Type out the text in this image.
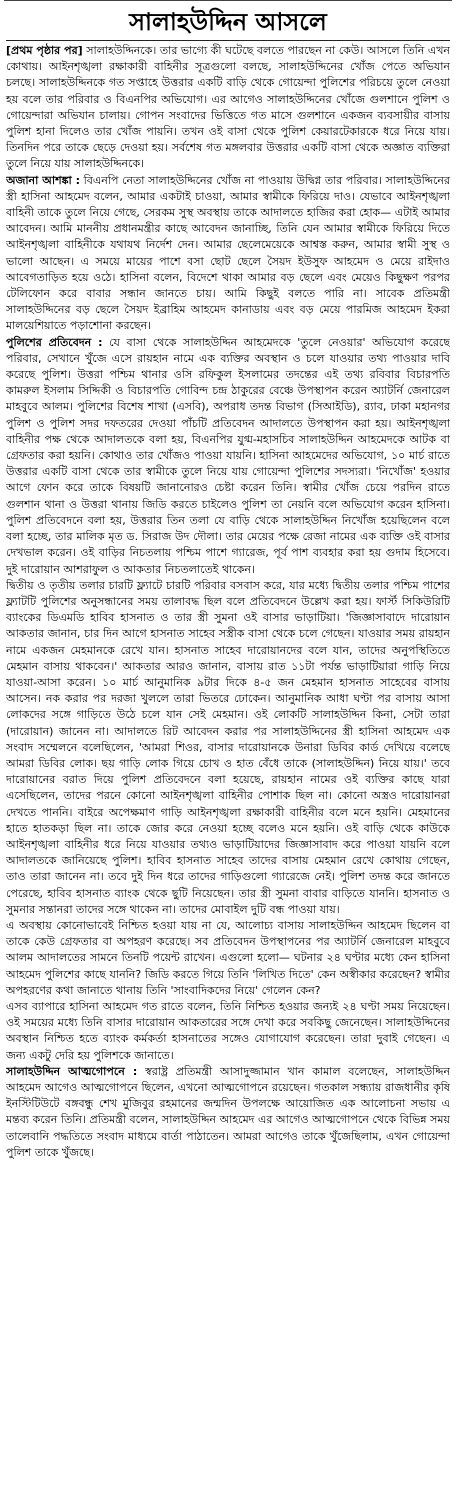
সালাহউদ্দিন আসলে

[প্রথম পৃষ্ঠার পর] সালাহউদ্দিনকে। তার ভাগ্যে কী ঘটেছে বলতে পারছেন না কেউ। আসলে তিনি এখন কোথায়। আইনশৃঙ্খলা রক্ষাকারী বাহিনীর সূত্রগুলো বলছে, সালাহউদ্দিনের খোঁজ পেতে অভিযান চলছে। সালাহউদ্দিনকে গত সপ্তাহে উত্তরার একটি বাড়ি থেকে গোয়েন্দা পুলিশের পরিচয়ে তুলে নেওয়া হয় বলে তার পরিবার ও বিএনপির অভিযোগ। এর আগেও সালাহউদ্দিনের খোঁজে গুলশানে পুলিশ ও গোয়েন্দারা অভিযান চালায়। গোপন সংবাদের ভিত্তিতে গত মাসে গুলশানে একজন ব্যবসায়ীর বাসায় পুলিশ হানা দিলেও তার খোঁজ পায়নি। তখন ওই বাসা থেকে পুলিশ কেয়ারটেকারকে ধরে নিয়ে যায়। তিনদিন পরে তাকে ছেড়ে দেওয়া হয়। সর্বশেষ গত মঙ্গলবার উত্তরার একটি বাসা থেকে অজ্ঞাত ব্যক্তিরা তুলে নিয়ে যায় সালাহউদ্দিনকে।

অজানা আশঙ্কা : বিএনপি নেতা সালাহউদ্দিনের খোঁজ না পাওয়ায় উদ্বিগ্ন তার পরিবার। সালাহউদ্দিনের স্ত্রী হাসিনা আহমেদ বলেন, আমার একটাই চাওয়া, আমার স্বামীকে ফিরিয়ে দাও। যেভাবে আইনশৃঙ্খলা বাহিনী তাকে তুলে নিয়ে গেছে, সেরকম সুস্থ অবস্থায় তাকে আদালতে হাজির করা হোক— এটাই আমার আবেদন। আমি মাননীয় প্রধানমন্ত্রীর কাছে আবেদন জানাচ্ছি, তিনি যেন আমার স্বামীকে ফিরিয়ে দিতে আইনশৃঙ্খলা বাহিনীকে যথাযথ নির্দেশ দেন। আমার ছেলেমেয়েকে আশ্বস্ত করুন, আমার স্বামী সুস্থ ও ভালো আছেন। এ সময়ে মায়ের পাশে বসা ছোট ছেলে সৈয়দ ইউসুফ আহমেদ ও মেয়ে রাইদাও আবেগতাড়িত হয়ে ওঠে। হাসিনা বলেন, বিদেশে থাকা আমার বড় ছেলে এবং মেয়েও কিছুক্ষণ পরপর টেলিফোন করে বাবার সন্ধান জানতে চায়। আমি কিছুই বলতে পারি না। সাবেক প্রতিমন্ত্রী সালাহউদ্দিনের বড় ছেলে সৈয়দ ইব্রাহিম আহমেদ কানাডায় এবং বড় মেয়ে পারমিজ আহমেদ ইকরা মালয়েশিয়াতে পড়াশোনা করছেন।

পুলিশের প্রতিবেদন : যে বাসা থেকে সালাহউদ্দিন আহমেদকে 'তুলে নেওয়ার' অভিযোগ করেছে পরিবার, সেখানে খুঁজে এসে রায়হান নামে এক ব্যক্তির অবস্থান ও চলে যাওয়ার তথ্য পাওয়ার দাবি করেছে পুলিশ। উত্তরা পশ্চিম থানার ওসি রফিকুল ইসলামের তদন্তের এই তথ্য রবিবার বিচারপতি কামরুল ইসলাম সিদ্দিকী ও বিচারপতি গোবিন্দ চন্দ্র ঠাকুরের বেঞ্চে উপস্থাপন করেন অ্যাটর্নি জেনারেল মাহবুবে আলম। পুলিশের বিশেষ শাখা (এসবি), অপরাধ তদন্ত বিভাগ (সিআইডি), র‌্যাব, ঢাকা মহানগর পুলিশ ও পুলিশ সদর দফতরের দেওয়া পাঁচটি প্রতিবেদন আদালতে উপস্থাপন করা হয়। আইনশৃঙ্খলা বাহিনীর পক্ষ থেকে আদালতকে বলা হয়, বিএনপির যুগ্ম-মহাসচিব সালাহউদ্দিন আহমেদকে আটক বা গ্রেফতার করা হয়নি। কোথাও তার খোঁজও পাওয়া যায়নি। হাসিনা আহমেদের অভিযোগ, ১০ মার্চ রাতে উত্তরার একটি বাসা থেকে তার স্বামীকে তুলে নিয়ে যায় গোয়েন্দা পুলিশের সদস্যরা। 'নিখোঁজ' হওয়ার আগে ফোন করে তাকে বিষয়টি জানানোরও চেষ্টা করেন তিনি। স্বামীর খোঁজ চেয়ে পরদিন রাতে গুলশান থানা ও উত্তরা থানায় জিডি করতে চাইলেও পুলিশ তা নেয়নি বলে অভিযোগ করেন হাসিনা। পুলিশ প্রতিবেদনে বলা হয়, উত্তরার তিন তলা যে বাড়ি থেকে সালাহউদ্দিন নিখোঁজ হয়েছিলেন বলে বলা হচ্ছে, তার মালিক মৃত ড. সিরাজ উদ দৌলা। তার মেয়ের পক্ষে রেজা নামের এক ব্যক্তি ওই বাসার দেখভাল করেন। ওই বাড়ির নিচতলায় পশ্চিম পাশে গ্যারেজ, পূর্ব পাশ ব্যবহার করা হয় গুদাম হিসেবে। দুই দারোয়ান আশরাফুল ও আকতার নিচতলাতেই থাকেন।

দ্বিতীয় ও তৃতীয় তলার চারটি ফ্ল্যাটে চারটি পরিবার বসবাস করে, যার মধ্যে দ্বিতীয় তলার পশ্চিম পাশের ফ্ল্যাটটি পুলিশের অনুসন্ধানের সময় তালাবদ্ধ ছিল বলে প্রতিবেদনে উল্লেখ করা হয়। ফার্স্ট সিকিউরিটি ব্যাংকের ডিএমডি হাবিব হাসনাত ও তার স্ত্রী সুমনা ওই বাসার ভাড়াটিয়া। 'জিজ্ঞাসাবাদে দারোয়ান আকতার জানান, চার দিন আগে হাসনাত সাহেব সস্ত্রীক বাসা থেকে চলে গেছেন। যাওয়ার সময় রায়হান নামে একজন মেহমানকে রেখে যান। হাসনাত সাহেব দারোয়ানদের বলে যান, তাদের অনুপস্থিতিতে মেহমান বাসায় থাকবেন।' আকতার আরও জানান, বাসায় রাত ১১টা পর্যন্ত ভাড়াটিয়ারা গাড়ি নিয়ে যাওয়া-আসা করেন। ১০ মার্চ আনুমানিক ৯টার দিকে ৪-৫ জন মেহমান হাসনাত সাহেবের বাসায় আসেন। নক করার পর দরজা খুললে তারা ভিতরে ঢোকেন। আনুমানিক আধা ঘণ্টা পর বাসায় আসা লোকদের সঙ্গে গাড়িতে উঠে চলে যান সেই মেহমান। ওই লোকটি সালাহউদ্দিন কিনা, সেটা তারা (দারোয়ান) জানেন না। আদালতে রিট আবেদন করার পর সালাহউদ্দিনের স্ত্রী হাসিনা আহমেদ এক সংবাদ সম্মেলনে বলেছিলেন, 'আমরা শিওর, বাসার দারোয়ানকে উনারা ডিবির কার্ড দেখিয়ে বলেছে আমরা ডিবির লোক। ছয় গাড়ি লোক গিয়ে চোখ ও হাত বেঁধে তাকে (সালাহউদ্দিন) নিয়ে যায়।' তবে দারোয়ানের বরাত দিয়ে পুলিশ প্রতিবেদনে বলা হয়েছে, রায়হান নামের ওই ব্যক্তির কাছে যারা এসেছিলেন, তাদের পরনে কোনো আইনশৃঙ্খলা বাহিনীর পোশাক ছিল না। কোনো অস্ত্রও দারোয়ানরা দেখতে পাননি। বাইরে অপেক্ষমাণ গাড়ি আইনশৃঙ্খলা রক্ষাকারী বাহিনীর বলে মনে হয়নি। মেহমানের হাতে হাতকড়া ছিল না। তাকে জোর করে নেওয়া হচ্ছে বলেও মনে হয়নি। ওই বাড়ি থেকে কাউকে আইনশৃঙ্খলা বাহিনীর ধরে নিয়ে যাওয়ার তথ্যও ভাড়াটিয়াদের জিজ্ঞাসাবাদ করে পাওয়া যায়নি বলে আদালতকে জানিয়েছে পুলিশ। হাবিব হাসনাত সাহেব তাদের বাসায় মেহমান রেখে কোথায় গেছেন, তাও তারা জানেন না। তবে দুই দিন ধরে তাদের গাড়িগুলো গ্যারেজে নেই। পুলিশ তদন্ত করে জানতে পেরেছে, হাবিব হাসনাত ব্যাংক থেকে ছুটি নিয়েছেন। তার স্ত্রী সুমনা বাবার বাড়িতে যাননি। হাসনাত ও সুমনার সন্তানরা তাদের সঙ্গে থাকেন না। তাদের মোবাইল দুটি বন্ধ পাওয়া যায়।

এ অবস্থায় কোনোভাবেই নিশ্চিত হওয়া যায় না যে, আলোচ্য বাসায় সালাহউদ্দিন আহমেদ ছিলেন বা তাকে কেউ গ্রেফতার বা অপহরণ করেছে। সব প্রতিবেদন উপস্থাপনের পর অ্যাটর্নি জেনারেল মাহবুবে আলম আদালতের সামনে তিনটি পয়েন্ট রাখেন। এগুলো হলো— ঘটনার ২৪ ঘণ্টার মধ্যে কেন হাসিনা আহমেদ পুলিশের কাছে যাননি? জিডি করতে গিয়ে তিনি 'লিখিত দিতে' কেন অস্বীকার করেছেন? স্বামীর অপহরণের কথা জানাতে থানায় তিনি 'সাংবাদিকদের নিয়ে' গেলেন কেন?

এসব ব্যাপারে হাসিনা আহমেদ গত রাতে বলেন, তিনি নিশ্চিত হওয়ার জন্যই ২৪ ঘণ্টা সময় নিয়েছেন। ওই সময়ের মধ্যে তিনি বাসার দারোয়ান আকতারের সঙ্গে দেখা করে সবকিছু জেনেছেন। সালাহউদ্দিনের অবস্থান নিশ্চিত হতে ব্যাংক কর্মকর্তা হাসনাতের সঙ্গেও যোগাযোগ করেছেন। তারা দুবাই গেছেন। এ জন্য একটু দেরি হয় পুলিশকে জানাতে।

সালাহউদ্দিন আত্মগোপনে : স্বরাষ্ট্র প্রতিমন্ত্রী আসাদুজ্জামান খান কামাল বলেছেন, সালাহউদ্দিন আহমেদ আগেও আত্মগোপনে ছিলেন, এখনো আত্মগোপনে রয়েছেন। গতকাল সন্ধ্যায় রাজধানীর কৃষি ইনস্টিটিউটে বঙ্গবন্ধু শেখ মুজিবুর রহমানের জন্মদিন উপলক্ষে আয়োজিত এক আলোচনা সভায় এ মন্তব্য করেন তিনি। প্রতিমন্ত্রী বলেন, সালাহউদ্দিন আহমেদ এর আগেও আত্মগোপনে থেকে বিভিন্ন সময় তালেবানি পদ্ধতিতে সংবাদ মাধ্যমে বার্তা পাঠাতেন। আমরা আগেও তাকে খুঁজেছিলাম, এখন গোয়েন্দা পুলিশ তাকে খুঁজছে।
